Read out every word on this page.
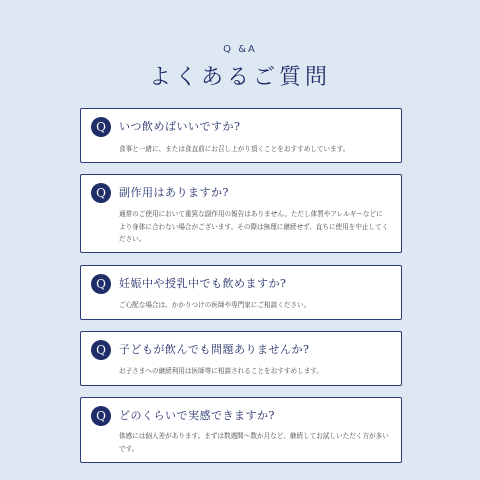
Q &A
よくあるご質問
Q	いつ飲めばいいですか?
食事と一緒に、または食直前にお召し上がり頂くことをおすすめしています。
Q	副作用はありますか?
通常のご使用において重篤な副作用の報告はありません。ただし体質やアレルギーなどにより身体に合わない場合がございます。その際は無理に継続せず、直ちに使用を中止してください。
Q	妊娠中や授乳中でも飲めますか?
ご心配な場合は、かかりつけの医師や専門家にご相談ください。
Q	子どもが飲んでも問題ありませんか?
お子さまへの継続利用は医師等に相談されることをおすすめします。
Q	どのくらいで実感できますか?
体感には個人差があります。まずは数週間〜数か月など、継続してお試しいただく方が多いです。
